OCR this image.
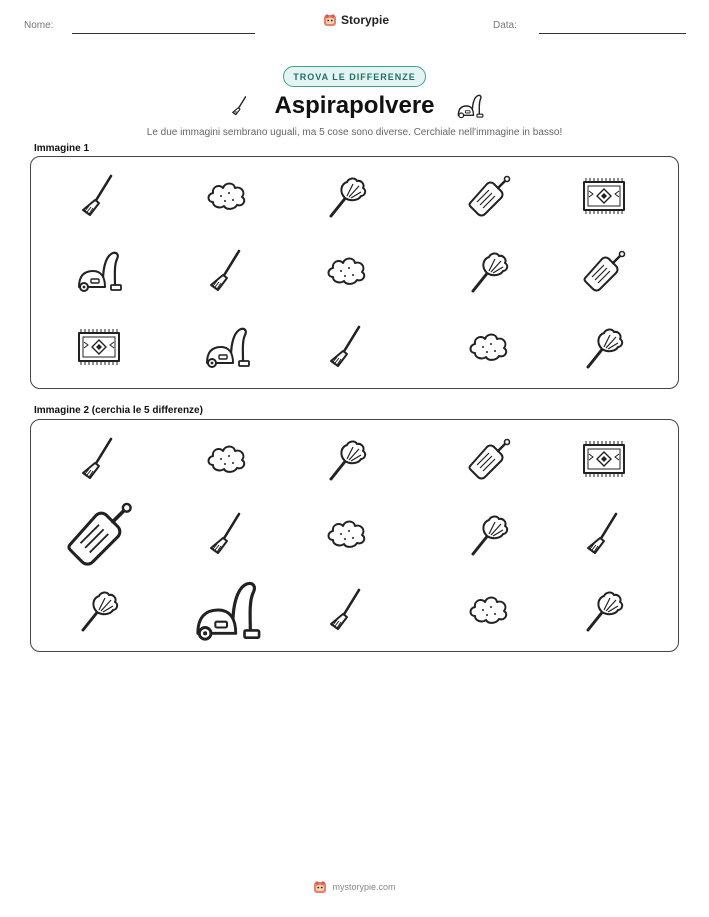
Nome:	Storypie	Data:
TROVA LE DIFFERENZE
Aspirapolvere
Le due immagini sembrano uguali, ma 5 cose sono diverse. Cerchiale nell'immagine in basso!
Immagine 1
Immagine 2 (cerchia le 5 differenze)
mystorypie.com
